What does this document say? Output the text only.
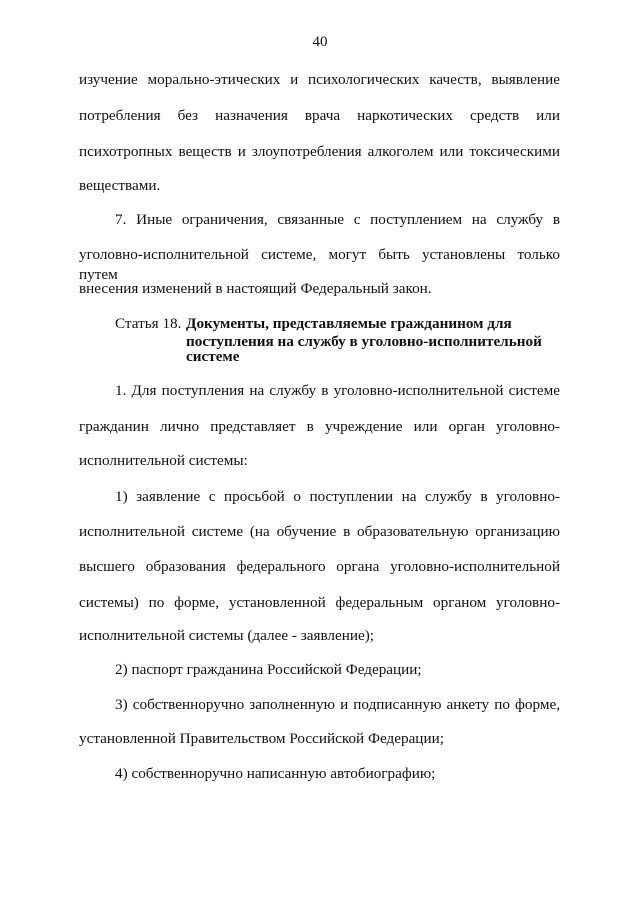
40
изучение морально-этических и психологических качеств, выявление
потребления без назначения врача наркотических средств или
психотропных веществ и злоупотребления алкоголем или токсическими
веществами.
7. Иные ограничения, связанные с поступлением на службу в
уголовно-исполнительной системе, могут быть установлены только путем
внесения изменений в настоящий Федеральный закон.
Статья 18. Документы, представляемые гражданином для
поступления на службу в уголовно-исполнительной
системе
1. Для поступления на службу в уголовно-исполнительной системе
гражданин лично представляет в учреждение или орган уголовно-
исполнительной системы:
1) заявление с просьбой о поступлении на службу в уголовно-
исполнительной системе (на обучение в образовательную организацию
высшего образования федерального органа уголовно-исполнительной
системы) по форме, установленной федеральным органом уголовно-
исполнительной системы (далее - заявление);
2) паспорт гражданина Российской Федерации;
3) собственноручно заполненную и подписанную анкету по форме,
установленной Правительством Российской Федерации;
4) собственноручно написанную автобиографию;
